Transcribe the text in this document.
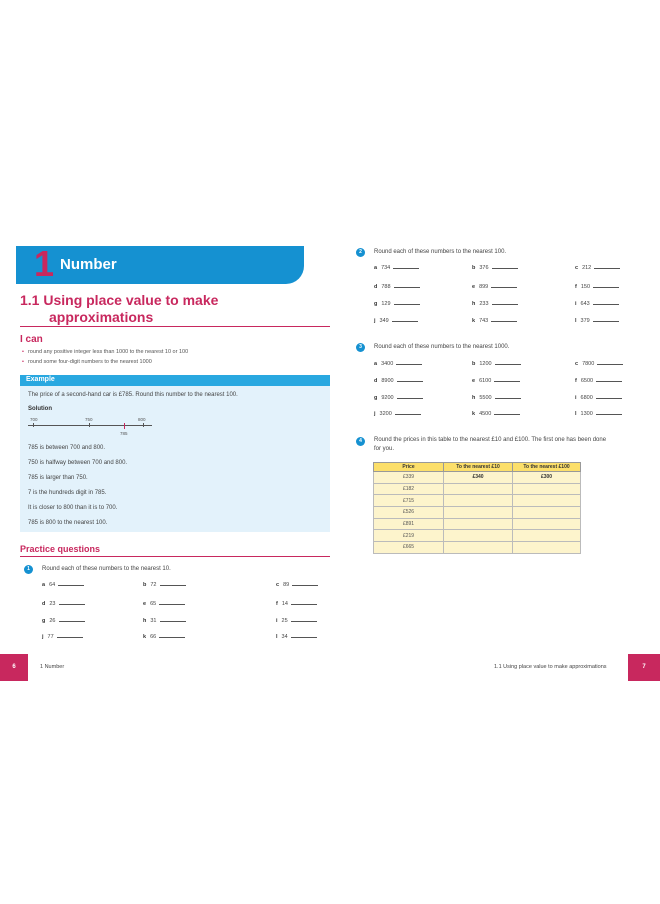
1 Number
1.1 Using place value to make
approximations
I can
• round any positive integer less than 1000 to the nearest 10 or 100
• round some four-digit numbers to the nearest 1000
Example
The price of a second-hand car is £785. Round this number to the nearest 100.
Solution
700	750	800
785
785 is between 700 and 800.
750 is halfway between 700 and 800.
785 is larger than 750.
7 is the hundreds digit in 785.
It is closer to 800 than it is to 700.
785 is 800 to the nearest 100.
Practice questions
1	Round each of these numbers to the nearest 10.
a 64	b 72	c 89
d 23	e 65	f 14
g 26	h 31	i 25
j 77	k 66	l 34
2	Round each of these numbers to the nearest 100.
a 734	b 376	c 212
d 788	e 899	f 150
g 129	h 233	i 643
j 349	k 743	l 379
3	Round each of these numbers to the nearest 1000.
a 3400	b 1200	c 7800
d 8900	e 6100	f 6500
g 9200	h 5500	i 6800
j 3200	k 4500	l 1300
4	Round the prices in this table to the nearest £10 and £100. The first one has been done
for you.
Price	To the nearest £10	To the nearest £100
£339	£340	£300
£182		
£715		
£526		
£891		
£219		
£665		
6	1 Number	1.1 Using place value to make approximations	7
